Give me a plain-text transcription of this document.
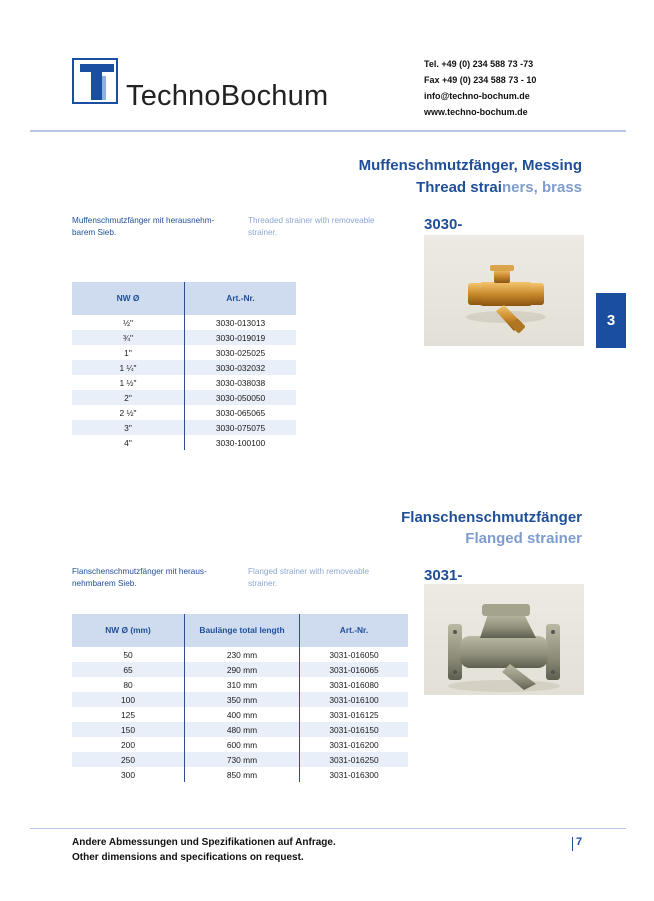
TechnoBochum
Tel. +49 (0) 234 588 73 -73
Fax +49 (0) 234 588 73 - 10
info@techno-bochum.de
www.techno-bochum.de
3
Muffenschmutzfänger, Messing
Thread strainers, brass
Muffenschmutzfänger mit herausnehm-barem Sieb.
Threaded strainer with removeable strainer.	3030-
NW Ø	Art.-Nr.
½"	3030-013013
¾"	3030-019019
1"	3030-025025
1 ¼"	3030-032032
1 ½"	3030-038038
2"	3030-050050
2 ½"	3030-065065
3"	3030-075075
4"	3030-100100
Flanschenschmutzfänger
Flanged strainer
Flanschenschmutzfänger mit heraus-nehmbarem Sieb.
Flanged strainer with removeable strainer.	3031-
NW Ø (mm)	Baulänge total length	Art.-Nr.
50	230 mm	3031-016050
65	290 mm	3031-016065
80	310 mm	3031-016080
100	350 mm	3031-016100
125	400 mm	3031-016125
150	480 mm	3031-016150
200	600 mm	3031-016200
250	730 mm	3031-016250
300	850 mm	3031-016300
Andere Abmessungen und Spezifikationen auf Anfrage.
Other dimensions and specifications on request.
7
